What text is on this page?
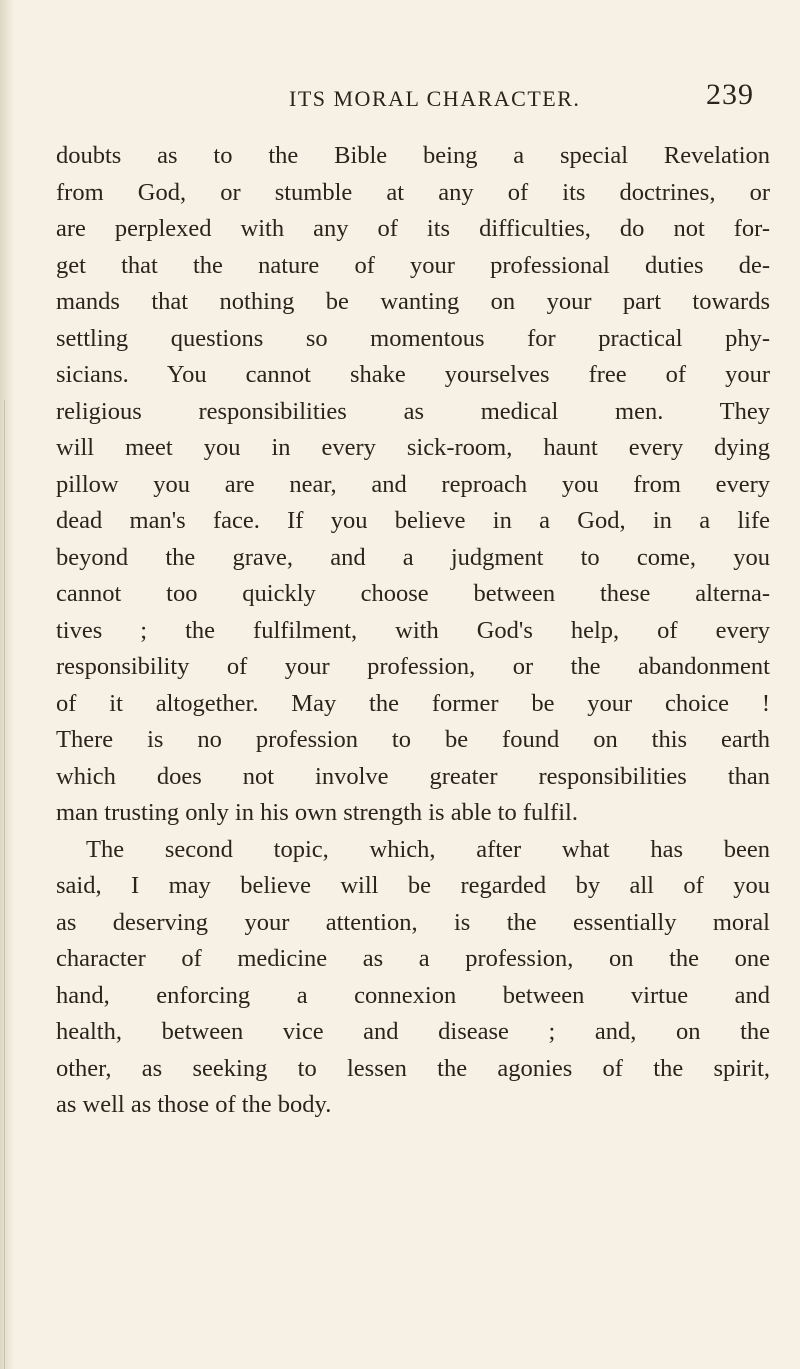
ITS MORAL CHARACTER.	239
doubts as to the Bible being a special Revelation
from God, or stumble at any of its doctrines, or
are perplexed with any of its difficulties, do not for-
get that the nature of your professional duties de-
mands that nothing be wanting on your part towards
settling questions so momentous for practical phy-
sicians. You cannot shake yourselves free of your
religious responsibilities as medical men. They
will meet you in every sick-room, haunt every dying
pillow you are near, and reproach you from every
dead man's face. If you believe in a God, in a life
beyond the grave, and a judgment to come, you
cannot too quickly choose between these alterna-
tives ; the fulfilment, with God's help, of every
responsibility of your profession, or the abandonment
of it altogether. May the former be your choice !
There is no profession to be found on this earth
which does not involve greater responsibilities than
man trusting only in his own strength is able to fulfil.
The second topic, which, after what has been
said, I may believe will be regarded by all of you
as deserving your attention, is the essentially moral
character of medicine as a profession, on the one
hand, enforcing a connexion between virtue and
health, between vice and disease ; and, on the
other, as seeking to lessen the agonies of the spirit,
as well as those of the body.
